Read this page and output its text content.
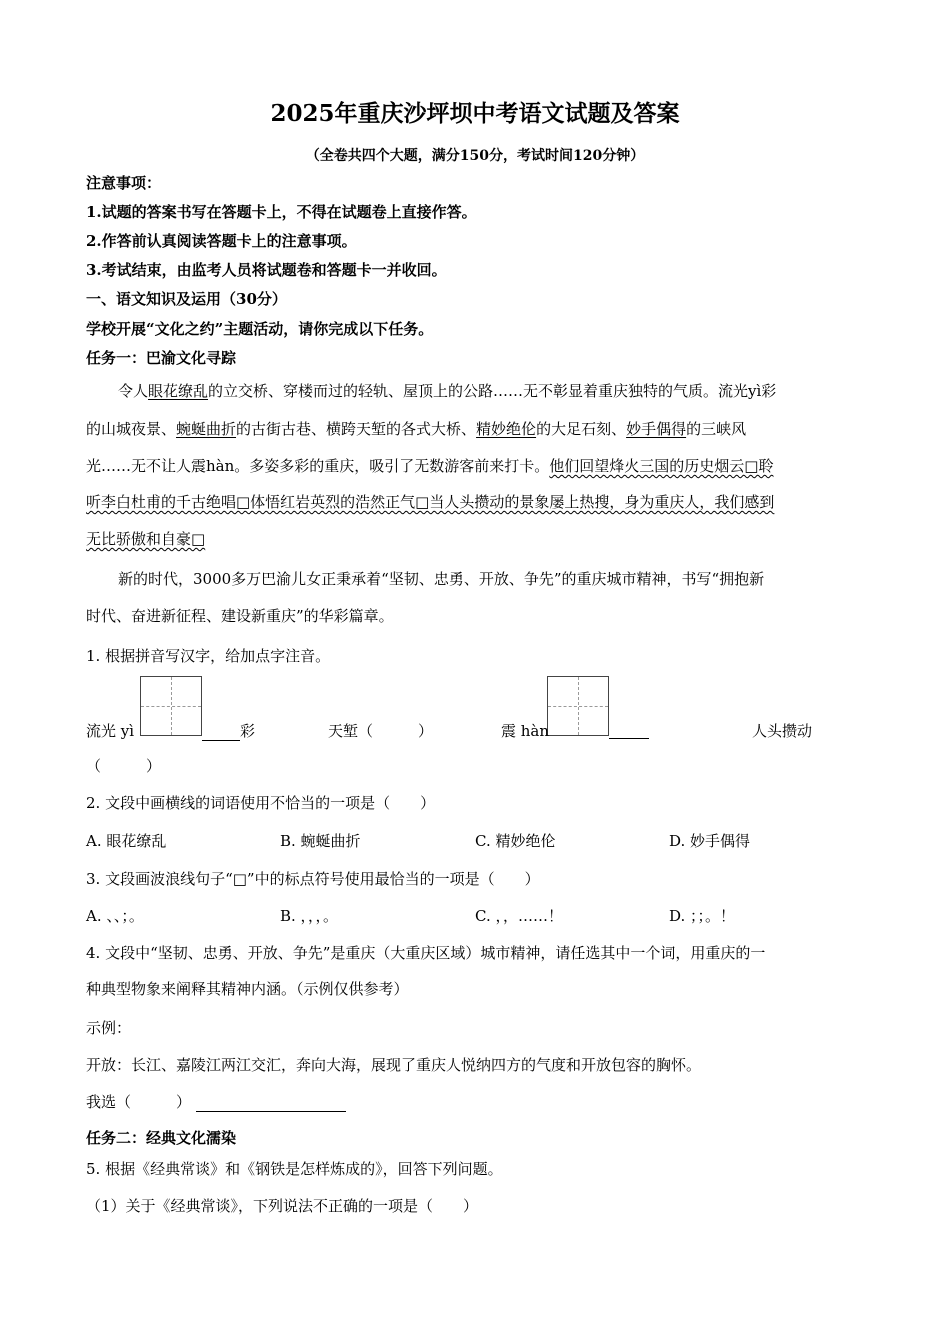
2025年重庆沙坪坝中考语文试题及答案
（全卷共四个大题，满分150分，考试时间120分钟）
注意事项：
1.试题的答案书写在答题卡上，不得在试题卷上直接作答。
2.作答前认真阅读答题卡上的注意事项。
3.考试结束，由监考人员将试题卷和答题卡一并收回。
一、语文知识及运用（30分）
学校开展“文化之约”主题活动，请你完成以下任务。
任务一：巴渝文化寻踪
令人眼花缭乱的立交桥、穿楼而过的轻轨、屋顶上的公路……无不彰显着重庆独特的气质。流光yì彩
的山城夜景、蜿蜒曲折的古街古巷、横跨天堑的各式大桥、精妙绝伦的大足石刻、妙手偶得的三峡风
光……无不让人震hàn。多姿多彩的重庆，吸引了无数游客前来打卡。他们回望烽火三国的历史烟云□聆
听李白杜甫的千古绝唱□体悟红岩英烈的浩然正气□当人头攒动的景象屡上热搜，身为重庆人，我们感到
无比骄傲和自豪□
新的时代，3000多万巴渝儿女正秉承着“坚韧、忠勇、开放、争先”的重庆城市精神，书写“拥抱新
时代、奋进新征程、建设新重庆”的华彩篇章。
1. 根据拼音写汉字，给加点字注音。
流光 yì	彩	天堑（　　　）	震 hàn
	人头攒动
（　　　）
2. 文段中画横线的词语使用不恰当的一项是（　　）
A. 眼花缭乱	B. 蜿蜒曲折	C. 精妙绝伦	D. 妙手偶得
3. 文段画波浪线句子“□”中的标点符号使用最恰当的一项是（　　）
A. 、、；。	B. ，，，。	C. ，，……！	D. ；；。！
4. 文段中“坚韧、忠勇、开放、争先”是重庆（大重庆区域）城市精神，请任选其中一个词，用重庆的一
种典型物象来阐释其精神内涵。（示例仅供参考）
示例：
开放：长江、嘉陵江两江交汇，奔向大海，展现了重庆人悦纳四方的气度和开放包容的胸怀。
我选（　　　）
任务二：经典文化濡染
5. 根据《经典常谈》和《钢铁是怎样炼成的》，回答下列问题。
（1）关于《经典常谈》，下列说法不正确的一项是（　　）
